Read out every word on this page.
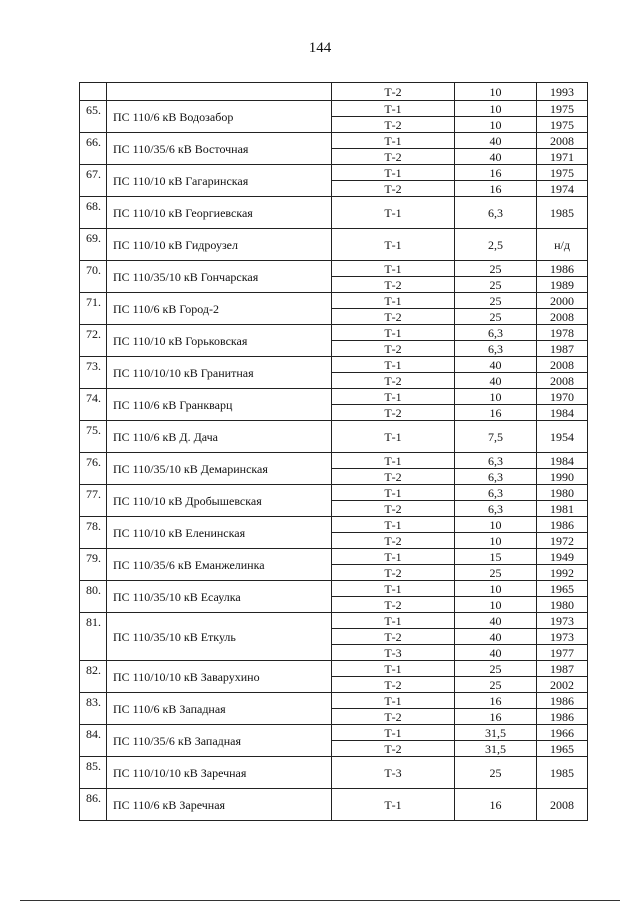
144
		Т-2	10	1993
65.	ПС 110/6 кВ Водозабор	Т-1	10	1975
		Т-2	10	1975
66.	ПС 110/35/6 кВ Восточная	Т-1	40	2008
		Т-2	40	1971
67.	ПС 110/10 кВ Гагаринская	Т-1	16	1975
		Т-2	16	1974
68.	ПС 110/10 кВ Георгиевская	Т-1	6,3	1985
69.	ПС 110/10 кВ Гидроузел	Т-1	2,5	н/д
70.	ПС 110/35/10 кВ Гончарская	Т-1	25	1986
		Т-2	25	1989
71.	ПС 110/6 кВ Город-2	Т-1	25	2000
		Т-2	25	2008
72.	ПС 110/10 кВ Горьковская	Т-1	6,3	1978
		Т-2	6,3	1987
73.	ПС 110/10/10 кВ Гранитная	Т-1	40	2008
		Т-2	40	2008
74.	ПС 110/6 кВ Гранкварц	Т-1	10	1970
		Т-2	16	1984
75.	ПС 110/6 кВ Д. Дача	Т-1	7,5	1954
76.	ПС 110/35/10 кВ Демаринская	Т-1	6,3	1984
		Т-2	6,3	1990
77.	ПС 110/10 кВ Дробышевская	Т-1	6,3	1980
		Т-2	6,3	1981
78.	ПС 110/10 кВ Еленинская	Т-1	10	1986
		Т-2	10	1972
79.	ПС 110/35/6 кВ Еманжелинка	Т-1	15	1949
		Т-2	25	1992
80.	ПС 110/35/10 кВ Есаулка	Т-1	10	1965
		Т-2	10	1980
81.	ПС 110/35/10 кВ Еткуль	Т-1	40	1973
		Т-2	40	1973
		Т-3	40	1977
82.	ПС 110/10/10 кВ Заварухино	Т-1	25	1987
		Т-2	25	2002
83.	ПС 110/6 кВ Западная	Т-1	16	1986
		Т-2	16	1986
84.	ПС 110/35/6 кВ Западная	Т-1	31,5	1966
		Т-2	31,5	1965
85.	ПС 110/10/10 кВ Заречная	Т-3	25	1985
86.	ПС 110/6 кВ Заречная	Т-1	16	2008
